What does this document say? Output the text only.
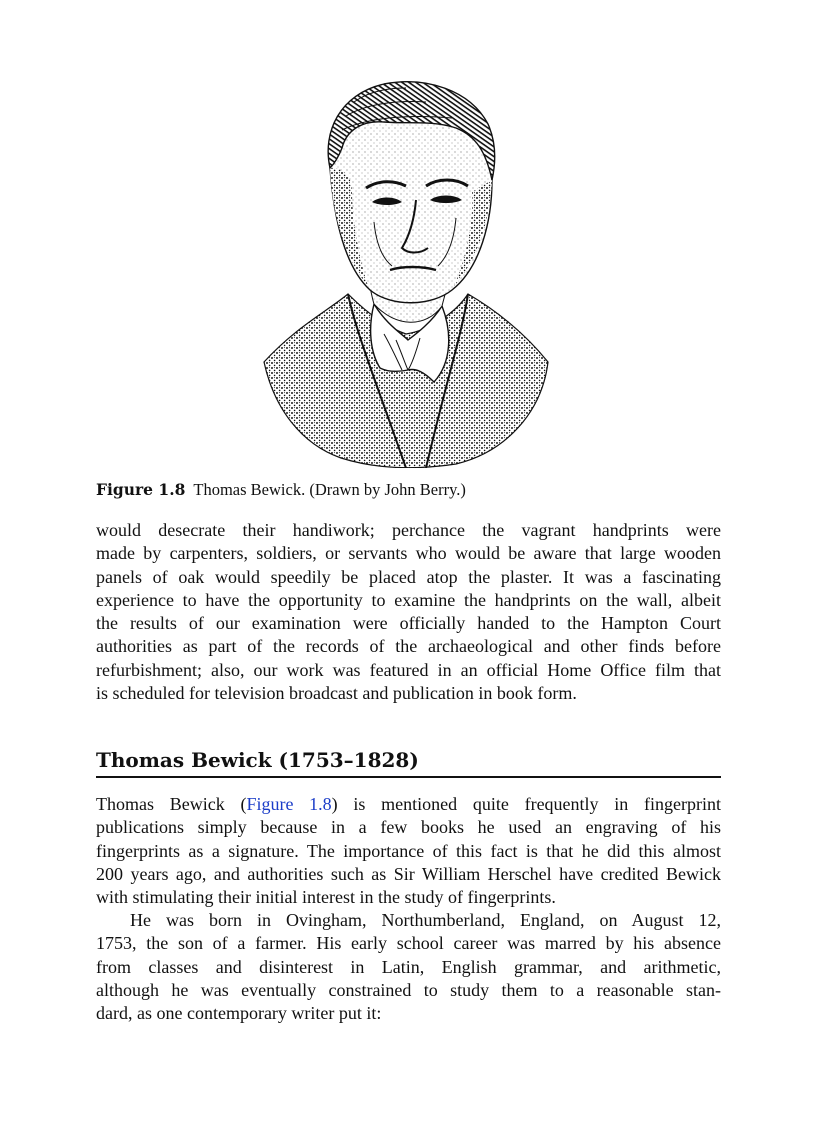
Figure 1.8 Thomas Bewick. (Drawn by John Berry.)

would desecrate their handiwork; perchance the vagrant handprints were
made by carpenters, soldiers, or servants who would be aware that large wooden
panels of oak would speedily be placed atop the plaster. It was a fascinating
experience to have the opportunity to examine the handprints on the wall, albeit
the results of our examination were officially handed to the Hampton Court
authorities as part of the records of the archaeological and other finds before
refurbishment; also, our work was featured in an official Home Office film that
is scheduled for television broadcast and publication in book form.

Thomas Bewick (1753–1828)

Thomas Bewick (Figure 1.8) is mentioned quite frequently in fingerprint
publications simply because in a few books he used an engraving of his
fingerprints as a signature. The importance of this fact is that he did this almost
200 years ago, and authorities such as Sir William Herschel have credited Bewick
with stimulating their initial interest in the study of fingerprints.

He was born in Ovingham, Northumberland, England, on August 12,
1753, the son of a farmer. His early school career was marred by his absence
from classes and disinterest in Latin, English grammar, and arithmetic,
although he was eventually constrained to study them to a reasonable stan-
dard, as one contemporary writer put it:
